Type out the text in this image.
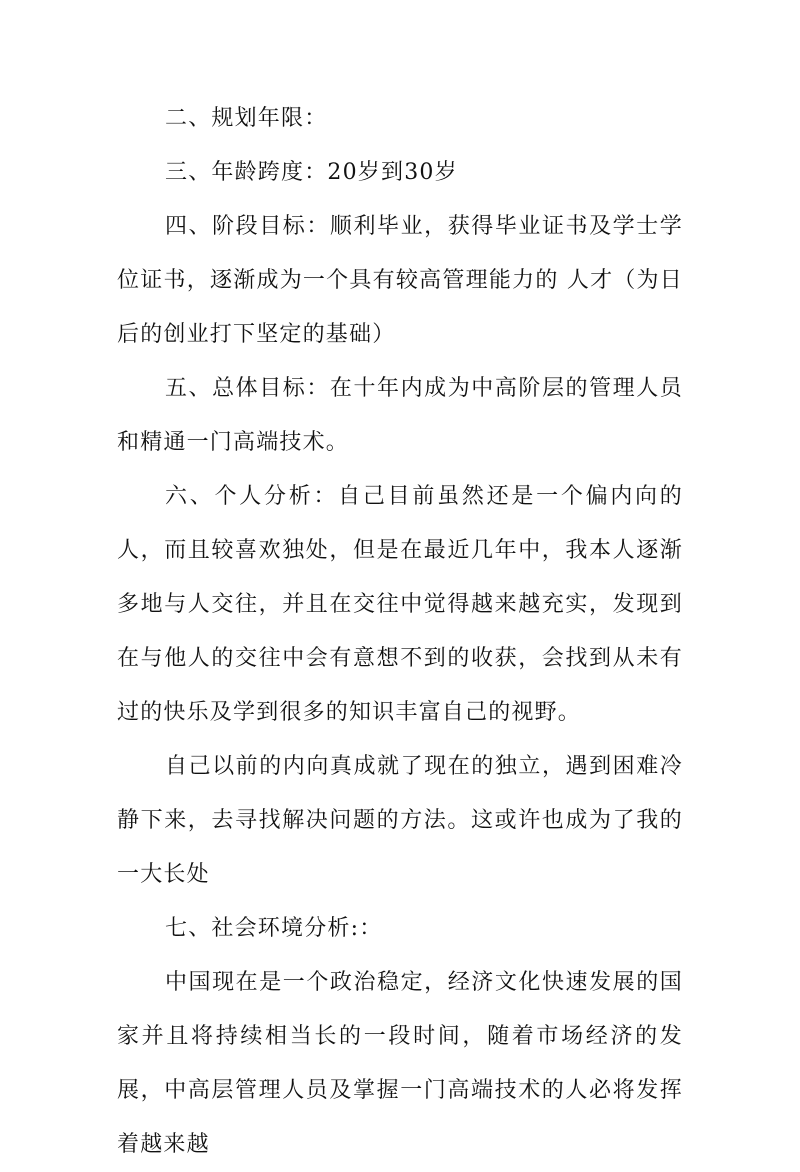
二、规划年限：

三、年龄跨度：20岁到30岁

四、阶段目标：顺利毕业，获得毕业证书及学士学位证书，逐渐成为一个具有较高管理能力的 人才（为日后的创业打下坚定的基础）

五、总体目标：在十年内成为中高阶层的管理人员和精通一门高端技术。

六、个人分析：自己目前虽然还是一个偏内向的人，而且较喜欢独处，但是在最近几年中，我本人逐渐多地与人交往，并且在交往中觉得越来越充实，发现到在与他人的交往中会有意想不到的收获，会找到从未有过的快乐及学到很多的知识丰富自己的视野。

自己以前的内向真成就了现在的独立，遇到困难冷静下来，去寻找解决问题的方法。这或许也成为了我的一大长处

七、社会环境分析:：

中国现在是一个政治稳定，经济文化快速发展的国家并且将持续相当长的一段时间，随着市场经济的发展，中高层管理人员及掌握一门高端技术的人必将发挥着越来越
